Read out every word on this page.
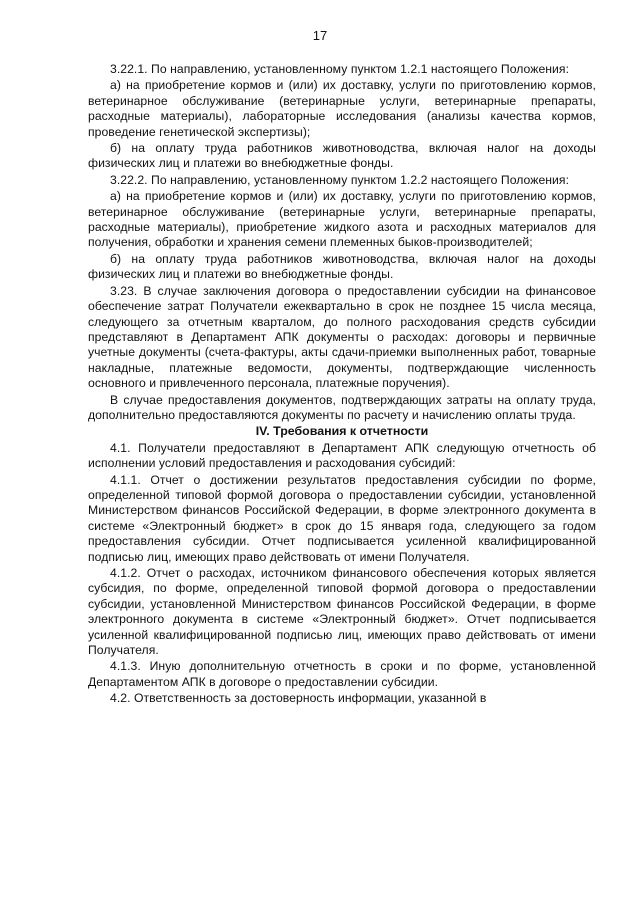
17

3.22.1. По направлению, установленному пунктом 1.2.1 настоящего Положения:

а) на приобретение кормов и (или) их доставку, услуги по приготовлению кормов, ветеринарное обслуживание (ветеринарные услуги, ветеринарные препараты, расходные материалы), лабораторные исследования (анализы качества кормов, проведение генетической экспертизы);

б) на оплату труда работников животноводства, включая налог на доходы физических лиц и платежи во внебюджетные фонды.

3.22.2. По направлению, установленному пунктом 1.2.2 настоящего Положения:

а) на приобретение кормов и (или) их доставку, услуги по приготовлению кормов, ветеринарное обслуживание (ветеринарные услуги, ветеринарные препараты, расходные материалы), приобретение жидкого азота и расходных материалов для получения, обработки и хранения семени племенных быков-производителей;

б) на оплату труда работников животноводства, включая налог на доходы физических лиц и платежи во внебюджетные фонды.

3.23. В случае заключения договора о предоставлении субсидии на финансовое обеспечение затрат Получатели ежеквартально в срок не позднее 15 числа месяца, следующего за отчетным кварталом, до полного расходования средств субсидии представляют в Департамент АПК документы о расходах: договоры и первичные учетные документы (счета-фактуры, акты сдачи-приемки выполненных работ, товарные накладные, платежные ведомости, документы, подтверждающие численность основного и привлеченного персонала, платежные поручения).

В случае предоставления документов, подтверждающих затраты на оплату труда, дополнительно предоставляются документы по расчету и начислению оплаты труда.

IV. Требования к отчетности

4.1. Получатели предоставляют в Департамент АПК следующую отчетность об исполнении условий предоставления и расходования субсидий:

4.1.1. Отчет о достижении результатов предоставления субсидии по форме, определенной типовой формой договора о предоставлении субсидии, установленной Министерством финансов Российской Федерации, в форме электронного документа в системе «Электронный бюджет» в срок до 15 января года, следующего за годом предоставления субсидии. Отчет подписывается усиленной квалифицированной подписью лиц, имеющих право действовать от имени Получателя.

4.1.2. Отчет о расходах, источником финансового обеспечения которых является субсидия, по форме, определенной типовой формой договора о предоставлении субсидии, установленной Министерством финансов Российской Федерации, в форме электронного документа в системе «Электронный бюджет». Отчет подписывается усиленной квалифицированной подписью лиц, имеющих право действовать от имени Получателя.

4.1.3. Иную дополнительную отчетность в сроки и по форме, установленной Департаментом АПК в договоре о предоставлении субсидии.

4.2. Ответственность за достоверность информации, указанной в
